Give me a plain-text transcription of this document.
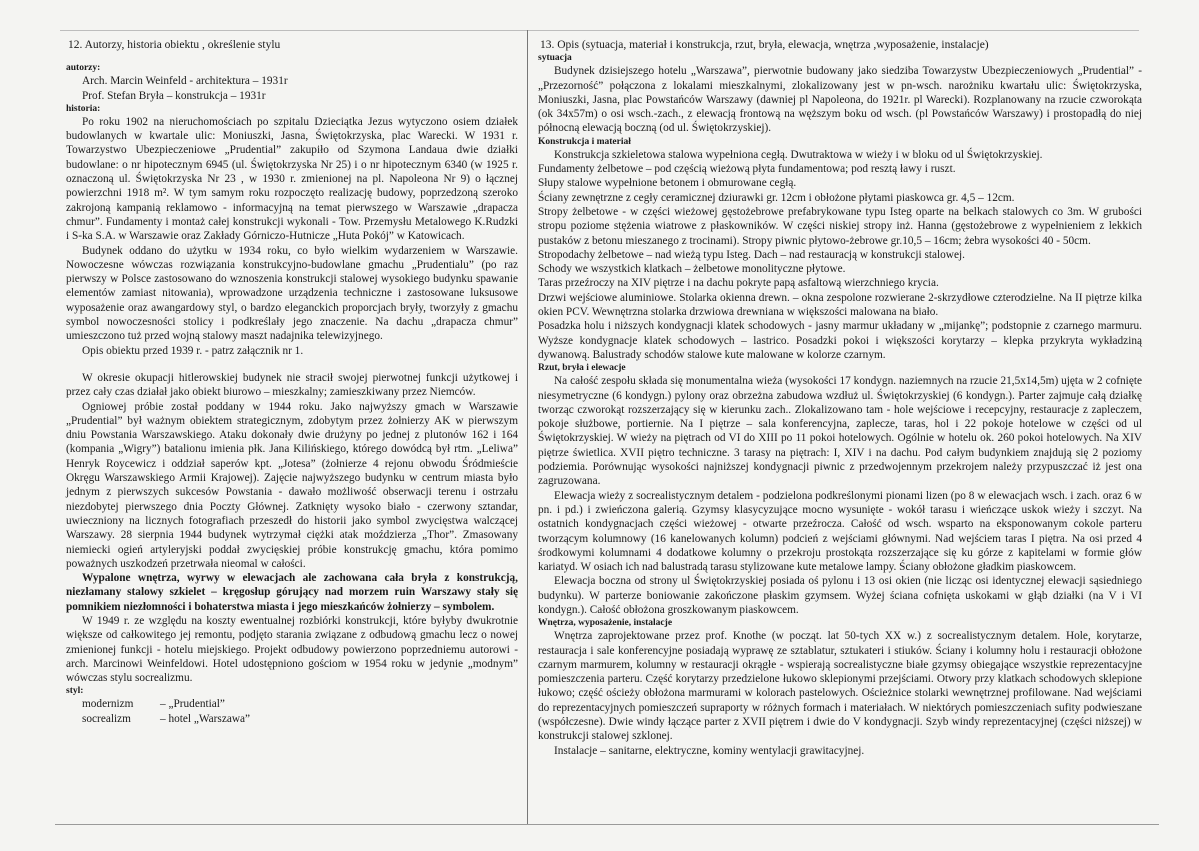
12. Autorzy, historia obiektu , określenie stylu
autorzy:

Arch. Marcin Weinfeld - architektura – 1931r

Prof. Stefan Bryła – konstrukcja – 1931r

historia:

Po roku 1902 na nieruchomościach po szpitalu Dzieciątka Jezus wytyczono osiem działek budowlanych w kwartale ulic: Moniuszki, Jasna, Świętokrzyska, plac Warecki. W 1931 r. Towarzystwo Ubezpieczeniowe „Prudential” zakupiło od Szymona Landaua dwie działki budowlane: o nr hipotecznym 6945 (ul. Świętokrzyska Nr 25) i o nr hipotecznym 6340 (w 1925 r. oznaczoną ul. Świętokrzyska Nr 23 , w 1930 r. zmienionej na pl. Napoleona Nr 9) o łącznej powierzchni 1918 m². W tym samym roku rozpoczęto realizację budowy, poprzedzoną szeroko zakrojoną kampanią reklamowo - informacyjną na temat pierwszego w Warszawie „drapacza chmur”. Fundamenty i montaż całej konstrukcji wykonali - Tow. Przemysłu Metalowego K.Rudzki i S-ka S.A. w Warszawie oraz Zakłady Górniczo-Hutnicze „Huta Pokój” w Katowicach.

Budynek oddano do użytku w 1934 roku, co było wielkim wydarzeniem w Warszawie. Nowoczesne wówczas rozwiązania konstrukcyjno-budowlane gmachu „Prudentialu” (po raz pierwszy w Polsce zastosowano do wznoszenia konstrukcji stalowej wysokiego budynku spawanie elementów zamiast nitowania), wprowadzone urządzenia techniczne i zastosowane luksusowe wyposażenie oraz awangardowy styl, o bardzo eleganckich proporcjach bryły, tworzyły z gmachu symbol nowoczesności stolicy i podkreślały jego znaczenie. Na dachu „drapacza chmur” umieszczono tuż przed wojną stalowy maszt nadajnika telewizyjnego.

Opis obiektu przed 1939 r. - patrz załącznik nr 1.

W okresie okupacji hitlerowskiej budynek nie stracił swojej pierwotnej funkcji użytkowej i przez cały czas działał jako obiekt biurowo – mieszkalny; zamieszkiwany przez Niemców.

Ogniowej próbie został poddany w 1944 roku. Jako najwyższy gmach w Warszawie „Prudential” był ważnym obiektem strategicznym, zdobytym przez żołnierzy AK w pierwszym dniu Powstania Warszawskiego. Ataku dokonały dwie drużyny po jednej z plutonów 162 i 164 (kompania „Wigry”) batalionu imienia płk. Jana Kilińskiego, którego dowódcą był rtm. „Leliwa” Henryk Roycewicz i oddział saperów kpt. „Jotesa” (żołnierze 4 rejonu obwodu Śródmieście Okręgu Warszawskiego Armii Krajowej). Zajęcie najwyższego budynku w centrum miasta było jednym z pierwszych sukcesów Powstania - dawało możliwość obserwacji terenu i ostrzału niezdobytej pierwszego dnia Poczty Głównej. Zatknięty wysoko biało - czerwony sztandar, uwieczniony na licznych fotografiach przeszedł do historii jako symbol zwycięstwa walczącej Warszawy. 28 sierpnia 1944 budynek wytrzymał ciężki atak moździerza „Thor”. Zmasowany niemiecki ogień artyleryjski poddał zwycięskiej próbie konstrukcję gmachu, która pomimo poważnych uszkodzeń przetrwała nieomal w całości.

Wypalone wnętrza, wyrwy w elewacjach ale zachowana cała bryła z konstrukcją, niezłamany stalowy szkielet – kręgosłup górujący nad morzem ruin Warszawy stały się pomnikiem niezłomności i bohaterstwa miasta i jego mieszkańców żołnierzy – symbolem.

W 1949 r. ze względu na koszty ewentualnej rozbiórki konstrukcji, które byłyby dwukrotnie większe od całkowitego jej remontu, podjęto starania związane z odbudową gmachu lecz o nowej zmienionej funkcji - hotelu miejskiego. Projekt odbudowy powierzono poprzedniemu autorowi - arch. Marcinowi Weinfeldowi. Hotel udostępniono gościom w 1954 roku w jedynie „modnym” wówczas stylu socrealizmu.

styl:
modernizm	– „Prudential”
socrealizm	– hotel „Warszawa”
13. Opis (sytuacja, materiał i konstrukcja, rzut, bryła, elewacja, wnętrza ,wyposażenie, instalacje)
sytuacja

Budynek dzisiejszego hotelu „Warszawa”, pierwotnie budowany jako siedziba Towarzystw Ubezpieczeniowych „Prudential” - „Przezorność” połączona z lokalami mieszkalnymi, zlokalizowany jest w pn-wsch. narożniku kwartału ulic: Świętokrzyska, Moniuszki, Jasna, plac Powstańców Warszawy (dawniej pl Napoleona, do 1921r. pl Warecki). Rozplanowany na rzucie czworokąta (ok 34x57m) o osi wsch.-zach., z elewacją frontową na węższym boku od wsch. (pl Powstańców Warszawy) i prostopadłą do niej północną elewacją boczną (od ul. Świętokrzyskiej).

Konstrukcja i materiał

Konstrukcja szkieletowa stalowa wypełniona cegłą. Dwutraktowa w wieży i w bloku od ul Świętokrzyskiej.

Fundamenty żelbetowe – pod częścią wieżową płyta fundamentowa; pod resztą ławy i ruszt.

Słupy stalowe wypełnione betonem i obmurowane cegłą.

Ściany zewnętrzne z cegły ceramicznej dziurawki gr. 12cm i obłożone płytami piaskowca gr. 4,5 – 12cm.

Stropy żelbetowe - w części wieżowej gęstożebrowe prefabrykowane typu Isteg oparte na belkach stalowych co 3m. W grubości stropu poziome stężenia wiatrowe z płaskowników. W części niskiej stropy inż. Hanna (gęstożebrowe z wypełnieniem z lekkich pustaków z betonu mieszanego z trocinami). Stropy piwnic płytowo-żebrowe gr.10,5 – 16cm; żebra wysokości 40 - 50cm.

Stropodachy żelbetowe – nad wieżą typu Isteg. Dach – nad restauracją w konstrukcji stalowej.

Schody we wszystkich klatkach – żelbetowe monolityczne płytowe.

Taras przeźroczy na XIV piętrze i na dachu pokryte papą asfaltową wierzchniego krycia.

Drzwi wejściowe aluminiowe. Stolarka okienna drewn. – okna zespolone rozwierane 2-skrzydłowe czterodzielne. Na II piętrze kilka okien PCV. Wewnętrzna stolarka drzwiowa drewniana w większości malowana na biało.

Posadzka holu i niższych kondygnacji klatek schodowych - jasny marmur układany w „mijankę”; podstopnie z czarnego marmuru. Wyższe kondygnacje klatek schodowych – lastrico. Posadzki pokoi i większości korytarzy – klepka przykryta wykładziną dywanową. Balustrady schodów stalowe kute malowane w kolorze czarnym.

Rzut, bryła i elewacje

Na całość zespołu składa się monumentalna wieża (wysokości 17 kondygn. naziemnych na rzucie 21,5x14,5m) ujęta w 2 cofnięte niesymetryczne (6 kondygn.) pylony oraz obrzeżna zabudowa wzdłuż ul. Świętokrzyskiej (6 kondygn.). Parter zajmuje całą działkę tworząc czworokąt rozszerzający się w kierunku zach.. Zlokalizowano tam - hole wejściowe i recepcyjny, restauracje z zapleczem, pokoje służbowe, portiernie. Na I piętrze – sala konferencyjna, zaplecze, taras, hol i 22 pokoje hotelowe w części od ul Świętokrzyskiej. W wieży na piętrach od VI do XIII po 11 pokoi hotelowych. Ogólnie w hotelu ok. 260 pokoi hotelowych. Na XIV piętrze świetlica. XVII piętro techniczne. 3 tarasy na piętrach: I, XIV i na dachu. Pod całym budynkiem znajdują się 2 poziomy podziemia. Porównując wysokości najniższej kondygnacji piwnic z przedwojennym przekrojem należy przypuszczać iż jest ona zagruzowana.

Elewacja wieży z socrealistycznym detalem - podzielona podkreślonymi pionami lizen (po 8 w elewacjach wsch. i zach. oraz 6 w pn. i pd.) i zwieńczona galerią. Gzymsy klasycyzujące mocno wysunięte - wokół tarasu i wieńczące uskok wieży i szczyt. Na ostatnich kondygnacjach części wieżowej - otwarte przeźrocza. Całość od wsch. wsparto na eksponowanym cokole parteru tworzącym kolumnowy (16 kanelowanych kolumn) podcień z wejściami głównymi. Nad wejściem taras I piętra. Na osi przed 4 środkowymi kolumnami 4 dodatkowe kolumny o przekroju prostokąta rozszerzające się ku górze z kapitelami w formie głów kariatyd. W osiach ich nad balustradą tarasu stylizowane kute metalowe lampy. Ściany obłożone gładkim piaskowcem.

Elewacja boczna od strony ul Świętokrzyskiej posiada oś pylonu i 13 osi okien (nie licząc osi identycznej elewacji sąsiedniego budynku). W parterze boniowanie zakończone płaskim gzymsem. Wyżej ściana cofnięta uskokami w głąb działki (na V i VI kondygn.). Całość obłożona groszkowanym piaskowcem.

Wnętrza, wyposażenie, instalacje

Wnętrza zaprojektowane przez prof. Knothe (w począt. lat 50-tych XX w.) z socrealistycznym detalem. Hole, korytarze, restauracja i sale konferencyjne posiadają wyprawę ze sztablatur, sztukateri i stiuków. Ściany i kolumny holu i restauracji obłożone czarnym marmurem, kolumny w restauracji okrągłe - wspierają socrealistyczne białe gzymsy obiegające wszystkie reprezentacyjne pomieszczenia parteru. Część korytarzy przedzielone łukowo sklepionymi przejściami. Otwory przy klatkach schodowych sklepione łukowo; część ościeży obłożona marmurami w kolorach pastelowych. Ościeżnice stolarki wewnętrznej profilowane. Nad wejściami do reprezentacyjnych pomieszczeń supraporty w różnych formach i materiałach. W niektórych pomieszczeniach sufity podwieszane (współczesne). Dwie windy łączące parter z XVII piętrem i dwie do V kondygnacji. Szyb windy reprezentacyjnej (części niższej) w konstrukcji stalowej szklonej.

Instalacje – sanitarne, elektryczne, kominy wentylacji grawitacyjnej.
